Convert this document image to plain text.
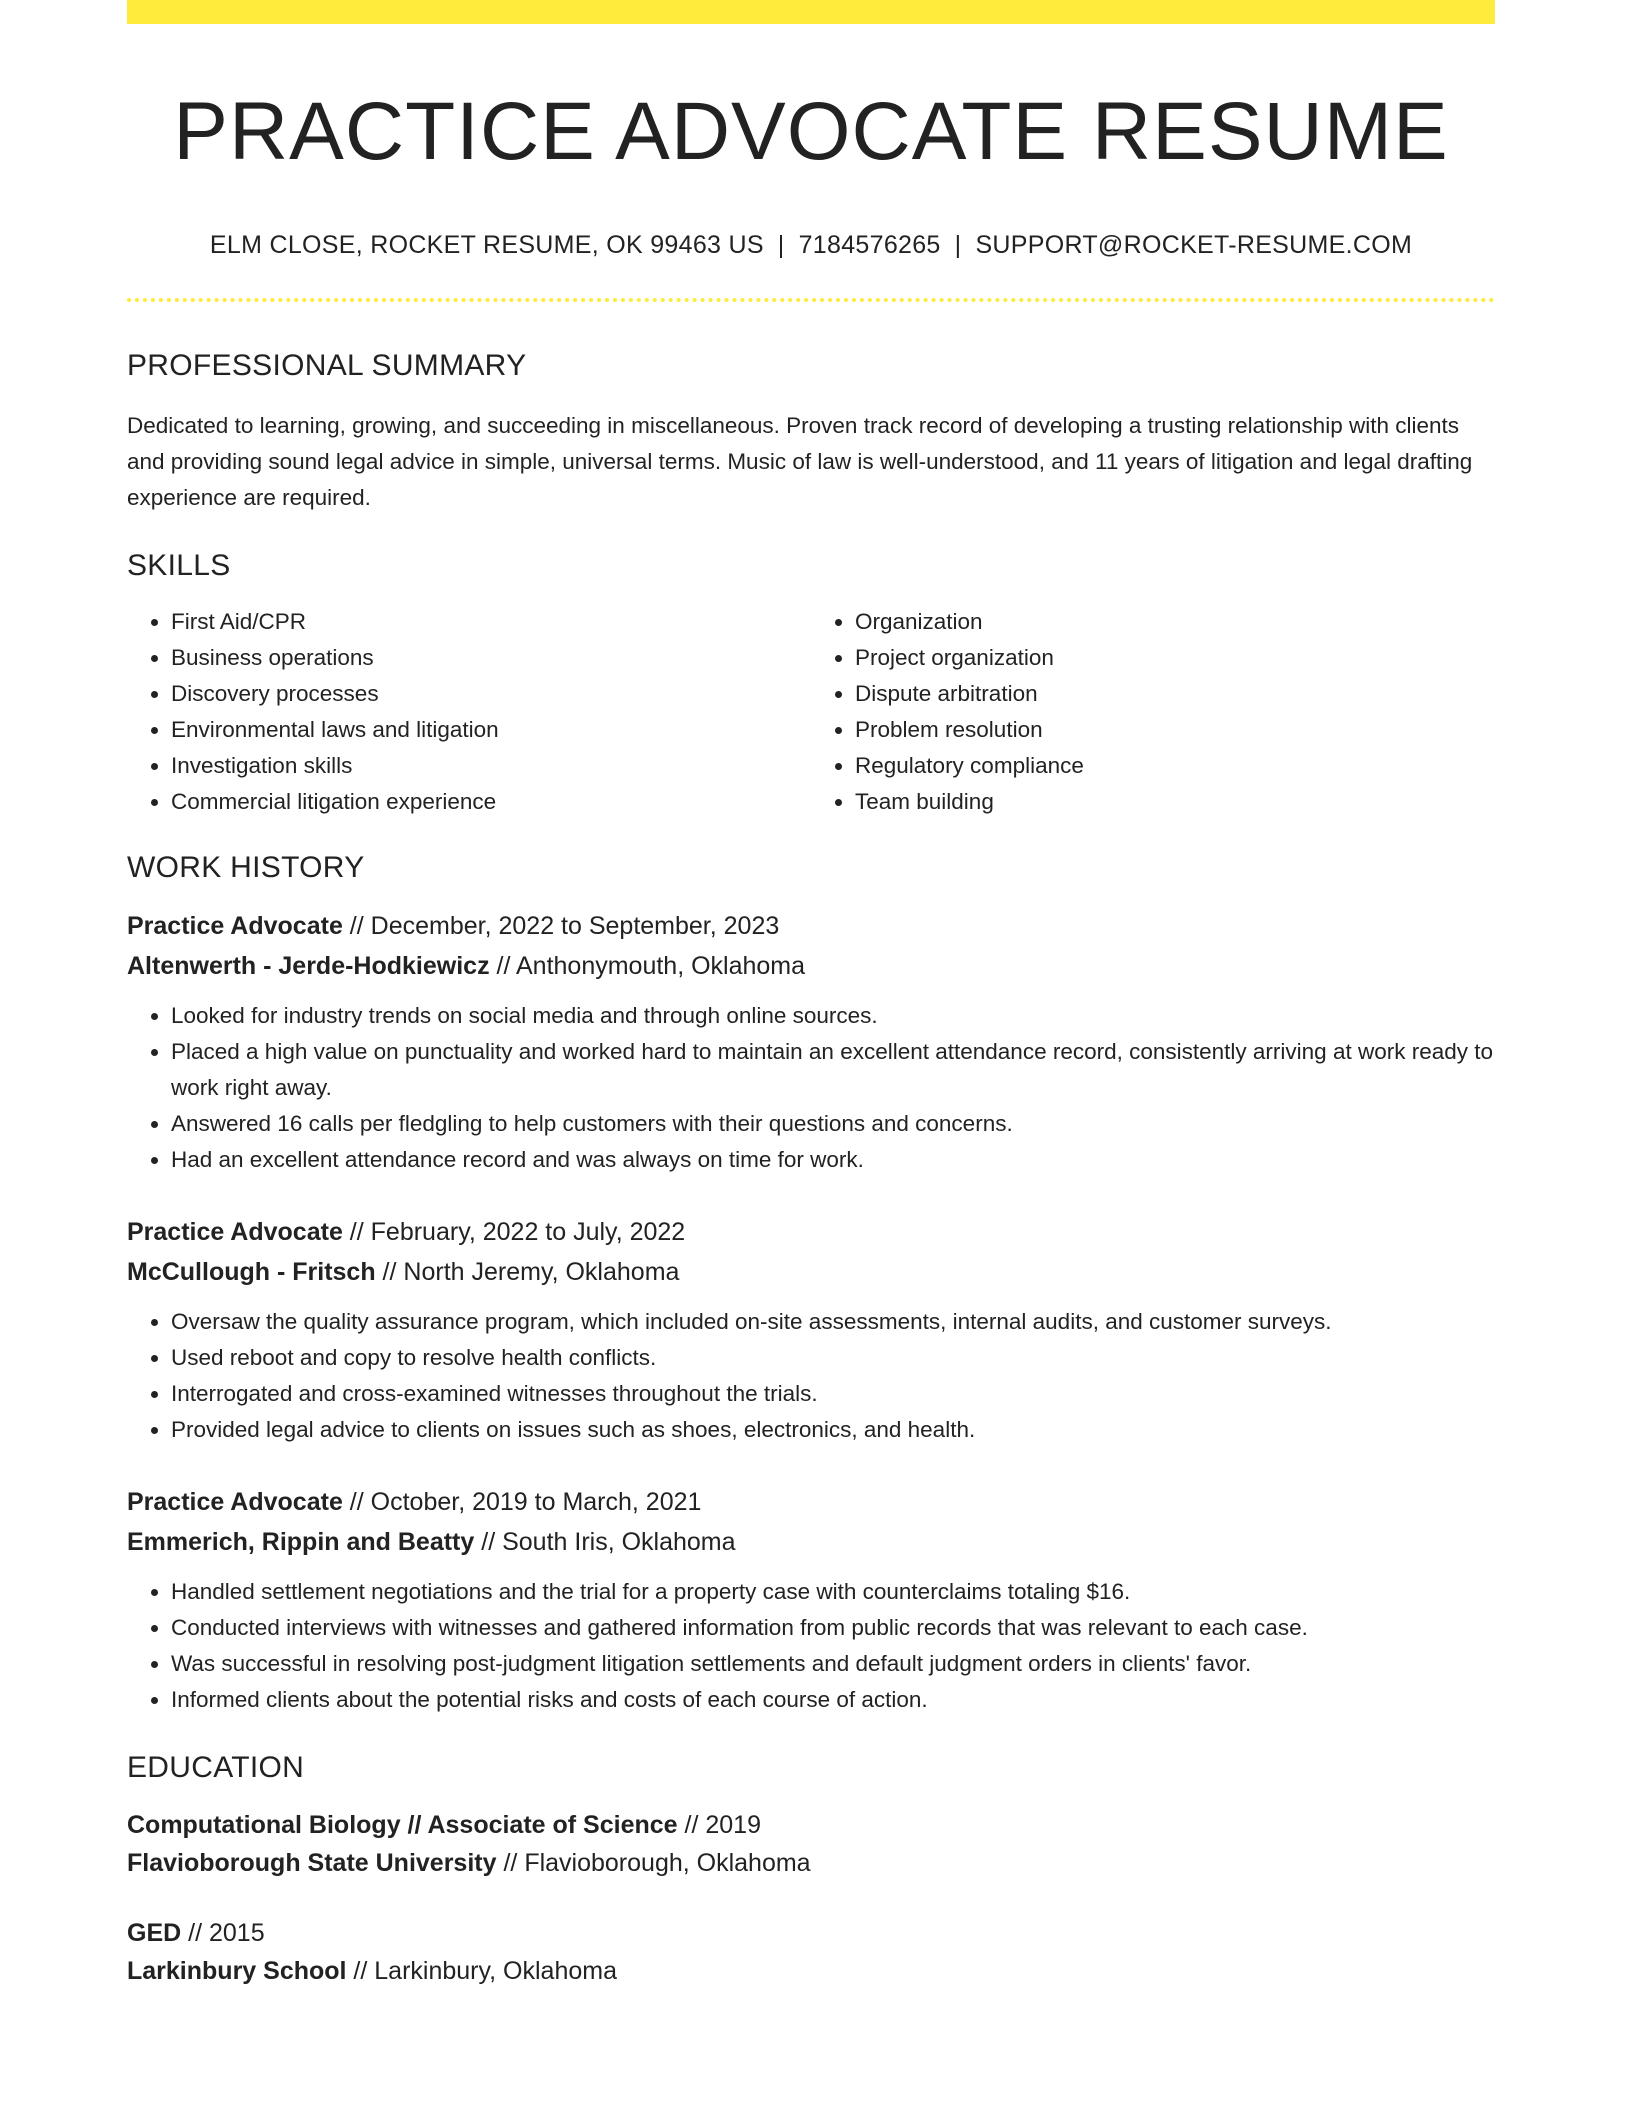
PRACTICE ADVOCATE RESUME
ELM CLOSE, ROCKET RESUME, OK 99463 US | 7184576265 | SUPPORT@ROCKET-RESUME.COM
PROFESSIONAL SUMMARY
Dedicated to learning, growing, and succeeding in miscellaneous. Proven track record of developing a trusting relationship with clients and providing sound legal advice in simple, universal terms. Music of law is well-understood, and 11 years of litigation and legal drafting experience are required.
SKILLS
• First Aid/CPR
• Business operations
• Discovery processes
• Environmental laws and litigation
• Investigation skills
• Commercial litigation experience
• Organization
• Project organization
• Dispute arbitration
• Problem resolution
• Regulatory compliance
• Team building
WORK HISTORY
Practice Advocate // December, 2022 to September, 2023
Altenwerth - Jerde-Hodkiewicz // Anthonymouth, Oklahoma
• Looked for industry trends on social media and through online sources.
• Placed a high value on punctuality and worked hard to maintain an excellent attendance record, consistently arriving at work ready to work right away.
• Answered 16 calls per fledgling to help customers with their questions and concerns.
• Had an excellent attendance record and was always on time for work.
Practice Advocate // February, 2022 to July, 2022
McCullough - Fritsch // North Jeremy, Oklahoma
• Oversaw the quality assurance program, which included on-site assessments, internal audits, and customer surveys.
• Used reboot and copy to resolve health conflicts.
• Interrogated and cross-examined witnesses throughout the trials.
• Provided legal advice to clients on issues such as shoes, electronics, and health.
Practice Advocate // October, 2019 to March, 2021
Emmerich, Rippin and Beatty // South Iris, Oklahoma
• Handled settlement negotiations and the trial for a property case with counterclaims totaling $16.
• Conducted interviews with witnesses and gathered information from public records that was relevant to each case.
• Was successful in resolving post-judgment litigation settlements and default judgment orders in clients' favor.
• Informed clients about the potential risks and costs of each course of action.
EDUCATION
Computational Biology // Associate of Science // 2019
Flavioborough State University // Flavioborough, Oklahoma
GED // 2015
Larkinbury School // Larkinbury, Oklahoma
